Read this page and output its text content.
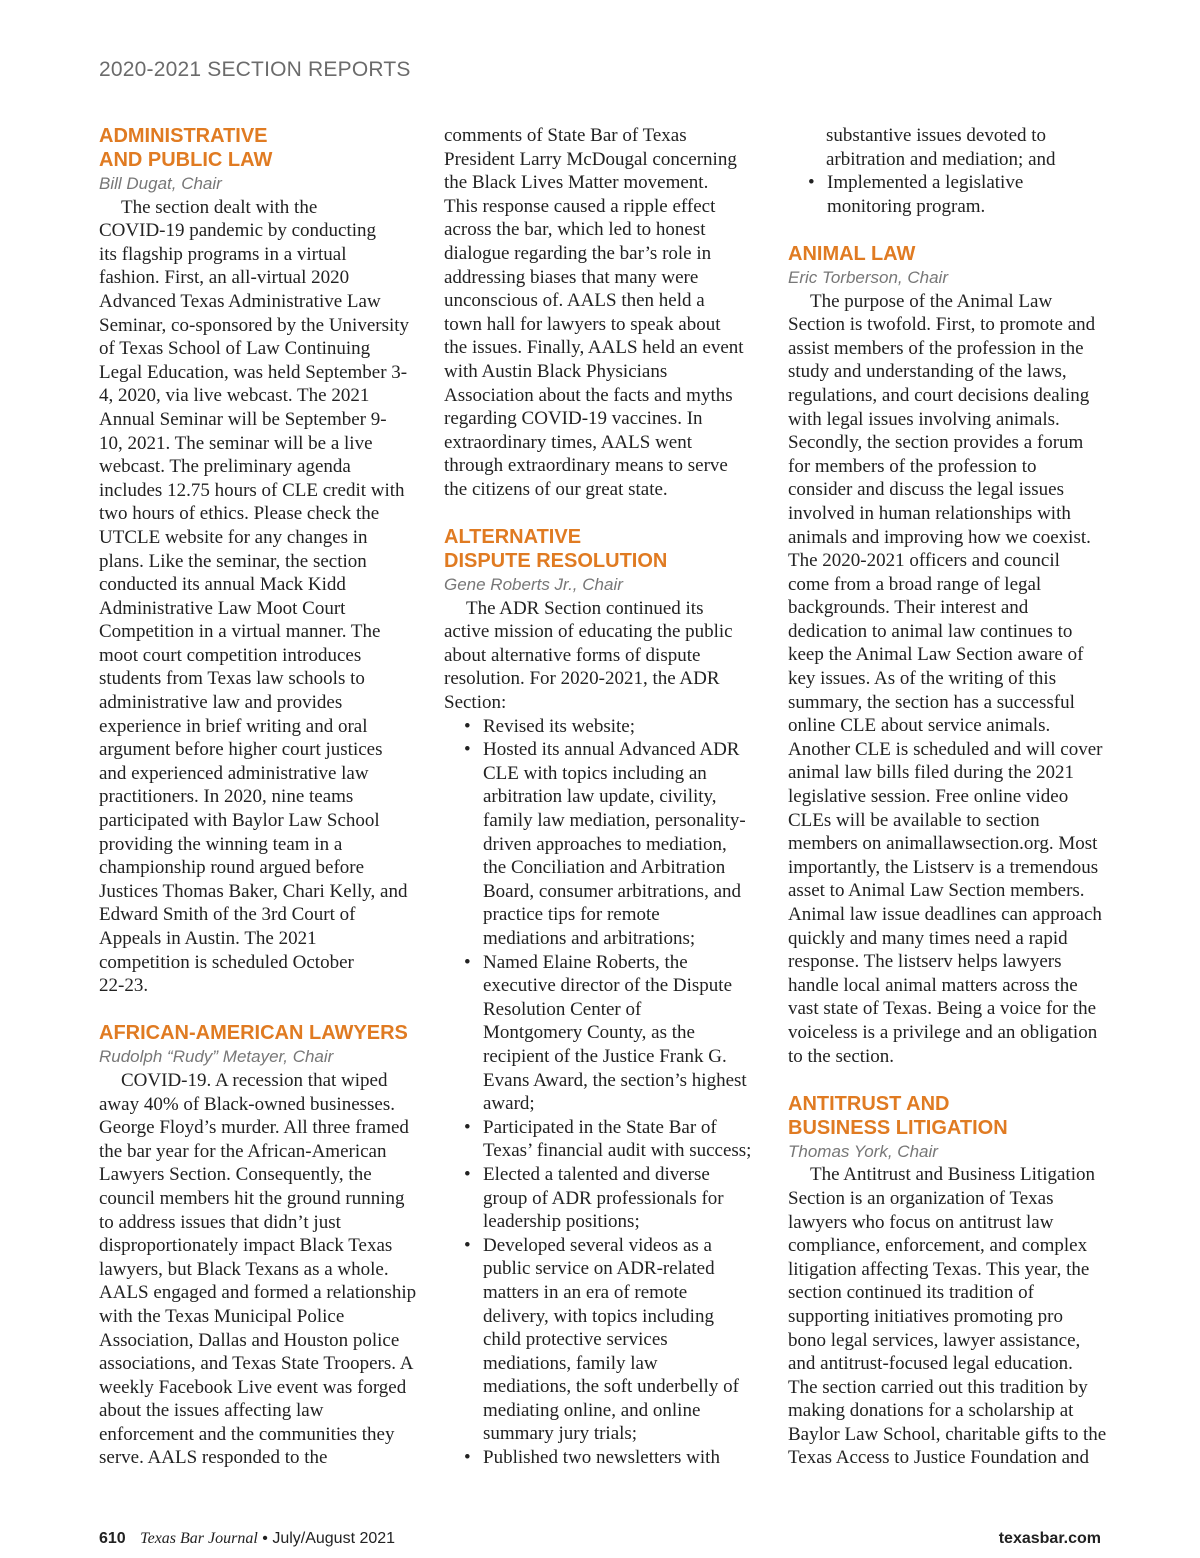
2020-2021 SECTION REPORTS
ADMINISTRATIVE
AND PUBLIC LAW
Bill Dugat, Chair
The section dealt with the
COVID-19 pandemic by conducting
its flagship programs in a virtual
fashion. First, an all-virtual 2020
Advanced Texas Administrative Law
Seminar, co-sponsored by the University
of Texas School of Law Continuing
Legal Education, was held September 3-
4, 2020, via live webcast. The 2021
Annual Seminar will be September 9-
10, 2021. The seminar will be a live
webcast. The preliminary agenda
includes 12.75 hours of CLE credit with
two hours of ethics. Please check the
UTCLE website for any changes in
plans. Like the seminar, the section
conducted its annual Mack Kidd
Administrative Law Moot Court
Competition in a virtual manner. The
moot court competition introduces
students from Texas law schools to
administrative law and provides
experience in brief writing and oral
argument before higher court justices
and experienced administrative law
practitioners. In 2020, nine teams
participated with Baylor Law School
providing the winning team in a
championship round argued before
Justices Thomas Baker, Chari Kelly, and
Edward Smith of the 3rd Court of
Appeals in Austin. The 2021
competition is scheduled October
22-23.
AFRICAN-AMERICAN LAWYERS
Rudolph “Rudy” Metayer, Chair
COVID-19. A recession that wiped
away 40% of Black-owned businesses.
George Floyd’s murder. All three framed
the bar year for the African-American
Lawyers Section. Consequently, the
council members hit the ground running
to address issues that didn’t just
disproportionately impact Black Texas
lawyers, but Black Texans as a whole.
AALS engaged and formed a relationship
with the Texas Municipal Police
Association, Dallas and Houston police
associations, and Texas State Troopers. A
weekly Facebook Live event was forged
about the issues affecting law
enforcement and the communities they
serve. AALS responded to the
comments of State Bar of Texas
President Larry McDougal concerning
the Black Lives Matter movement.
This response caused a ripple effect
across the bar, which led to honest
dialogue regarding the bar’s role in
addressing biases that many were
unconscious of. AALS then held a
town hall for lawyers to speak about
the issues. Finally, AALS held an event
with Austin Black Physicians
Association about the facts and myths
regarding COVID-19 vaccines. In
extraordinary times, AALS went
through extraordinary means to serve
the citizens of our great state.
ALTERNATIVE
DISPUTE RESOLUTION
Gene Roberts Jr., Chair
The ADR Section continued its
active mission of educating the public
about alternative forms of dispute
resolution. For 2020-2021, the ADR
Section:
• Revised its website;
• Hosted its annual Advanced ADR
CLE with topics including an
arbitration law update, civility,
family law mediation, personality-
driven approaches to mediation,
the Conciliation and Arbitration
Board, consumer arbitrations, and
practice tips for remote
mediations and arbitrations;
• Named Elaine Roberts, the
executive director of the Dispute
Resolution Center of
Montgomery County, as the
recipient of the Justice Frank G.
Evans Award, the section’s highest
award;
• Participated in the State Bar of
Texas’ financial audit with success;
• Elected a talented and diverse
group of ADR professionals for
leadership positions;
• Developed several videos as a
public service on ADR-related
matters in an era of remote
delivery, with topics including
child protective services
mediations, family law
mediations, the soft underbelly of
mediating online, and online
summary jury trials;
• Published two newsletters with
substantive issues devoted to
arbitration and mediation; and
• Implemented a legislative
monitoring program.
ANIMAL LAW
Eric Torberson, Chair
The purpose of the Animal Law
Section is twofold. First, to promote and
assist members of the profession in the
study and understanding of the laws,
regulations, and court decisions dealing
with legal issues involving animals.
Secondly, the section provides a forum
for members of the profession to
consider and discuss the legal issues
involved in human relationships with
animals and improving how we coexist.
The 2020-2021 officers and council
come from a broad range of legal
backgrounds. Their interest and
dedication to animal law continues to
keep the Animal Law Section aware of
key issues. As of the writing of this
summary, the section has a successful
online CLE about service animals.
Another CLE is scheduled and will cover
animal law bills filed during the 2021
legislative session. Free online video
CLEs will be available to section
members on animallawsection.org. Most
importantly, the Listserv is a tremendous
asset to Animal Law Section members.
Animal law issue deadlines can approach
quickly and many times need a rapid
response. The listserv helps lawyers
handle local animal matters across the
vast state of Texas. Being a voice for the
voiceless is a privilege and an obligation
to the section.
ANTITRUST AND
BUSINESS LITIGATION
Thomas York, Chair
The Antitrust and Business Litigation
Section is an organization of Texas
lawyers who focus on antitrust law
compliance, enforcement, and complex
litigation affecting Texas. This year, the
section continued its tradition of
supporting initiatives promoting pro
bono legal services, lawyer assistance,
and antitrust-focused legal education.
The section carried out this tradition by
making donations for a scholarship at
Baylor Law School, charitable gifts to the
Texas Access to Justice Foundation and
610 Texas Bar Journal • July/August 2021	texasbar.com
